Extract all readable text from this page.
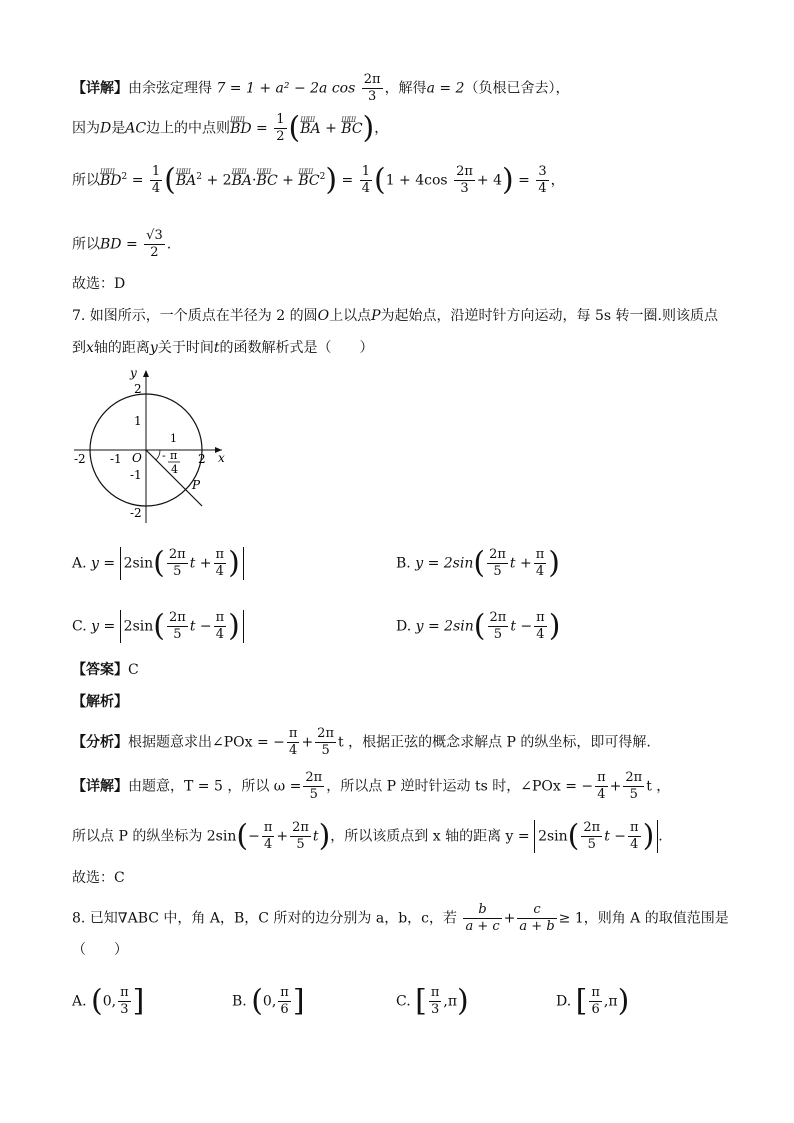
【详解】由余弦定理得 7 = 1 + a² − 2a $\cos \frac{2\pi}{3}$ ，解得a = 2（负根已舍去），
因为D是AC边上的中点则ШШ BD = $\frac{1}{2} (ШШ$ BA + ШШ BC)，
所以ШШ $BD^2 = \frac{1}{4} (ШШ$ $BA^2 + 2ШШ$ BA·ШШ BC + ШШ $BC^2) = \frac{1}{4} (1 + 4\cos \frac{2\pi}{3} + 4) = \frac{3}{4}$ ，
所以BD = $\frac{√3}{2}$ .
故选：D
7. 如图所示，一个质点在半径为 2 的圆O上以点P为起始点，沿逆时针方向运动，每 5s 转一圈.则该质点
到x轴的距离y关于时间t的函数解析式是（　　）
y
x
O
P
2
1
-1
-2
-2 -1
1
2
- π
4
A. $y = 2\sin( \frac{2\pi}{5}$ $t + \frac{\pi}{4}$ )	B. $y = 2\sin( \frac{2\pi}{5}$ $t + \frac{\pi}{4}$ )
C. $y = 2\sin( \frac{2\pi}{5}$ $t - \frac{\pi}{4}$ )	D. $y = 2\sin( \frac{2\pi}{5}$ $t - \frac{\pi}{4}$ )
【答案】C
【解析】
【分析】根据题意求出∠POx = − $\frac{\pi}{4} + \frac{2\pi}{5}$ t ，根据正弦的概念求解点 P 的纵坐标，即可得解.
【详解】由题意，T = 5 ，所以 $\omega = \frac{2\pi}{5}$ ，所以点 P 逆时针运动 ts 时，∠POx = − $\frac{\pi}{4} + \frac{2\pi}{5}$ t ，
所以点 P 的纵坐标为 $2\sin(- \frac{\pi}{4} + \frac{2\pi}{5} t)$，所以该质点到 x 轴的距离 $y = 2\sin( \frac{2\pi}{5}$ $t - \frac{\pi}{4}$ ) .
故选：C
8. 已知∇ABC 中，角 A，B，C 所对的边分别为 a，b，c，若 $\frac{b}{a + c} + \frac{c}{a + b} \ge 1$，则角 A 的取值范围是
（　　）
A. (0, $\frac{\pi}{3}$ ]	B. (0, $\frac{\pi}{6}$ ]	C. [ $\frac{\pi}{3} ,\pi$)	D. [ $\frac{\pi}{6} ,\pi$)
